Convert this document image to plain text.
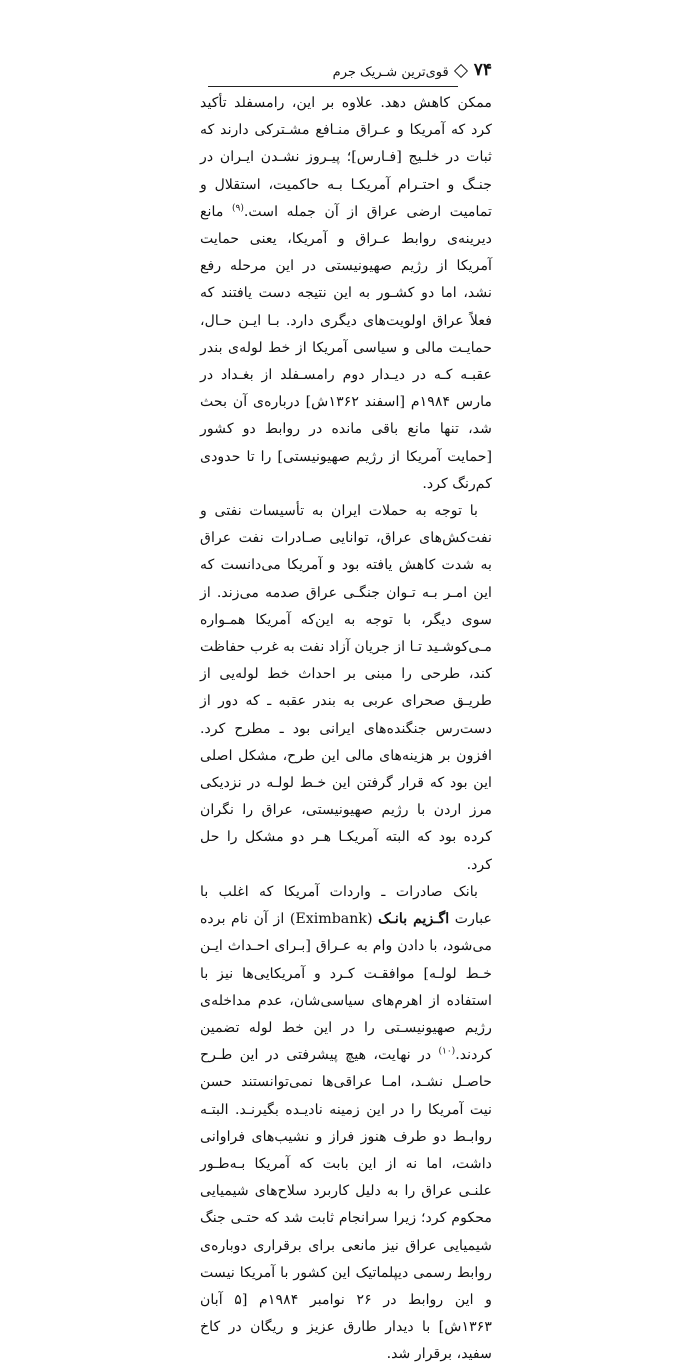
۷۴
قوی‌ترین شـریک جرم

ممکن کاهش دهد. علاوه بر این، رامسفلد تأکید کرد که آمریکا و عـراق منـافع مشـترکی دارند که ثبات در خلـیج [فـارس]؛ پیـروز نشـدن ایـران در جنـگ و احتـرام آمریکـا بـه حاکمیت، استقلال و تمامیت ارضی عراق از آن جمله است.$^{(۹)}$ مانع دیرینه‌ی روابط عـراق و آمریکا، یعنی حمایت آمریکا از رژیم صهیونیستی در این مرحله رفع نشد، اما دو کشـور به این نتیجه دست یافتند که فعلاً عراق اولویت‌های دیگری دارد. بـا ایـن حـال، حمایـت مالی و سیاسی آمریکا از خط لوله‌ی بندر عقبـه کـه در دیـدار دوم رامسـفلد از بغـداد در مارس ۱۹۸۴م [اسفند ۱۳۶۲ش] درباره‌ی آن بحث شد، تنها مانع باقی مانده در روابط دو کشور [حمایت آمریکا از رژیم صهیونیستی] را تا حدودی کم‌رنگ کرد.

با توجه به حملات ایران به تأسیسات نفتی و نفت‌کش‌های عراق، توانایی صـادرات نفت عراق به شدت کاهش یافته بود و آمریکا می‌دانست که این امـر بـه تـوان جنگـی عراق صدمه می‌زند. از سوی دیگر، با توجه به این‌که آمریکا همـواره مـی‌کوشـید تـا از جریان آزاد نفت به غرب حفاظت کند، طرحی را مبنی بر احداث خط لوله‌یی از طریـق صحرای عربی به بندر عقبه ـ که دور از دست‌رس جنگنده‌های ایرانی بود ـ مطرح کرد. افزون بر هزینه‌های مالی این طرح، مشکل اصلی این بود که قرار گرفتن این خـط لولـه در نزدیکی مرز اردن با رژیم صهیونیستی، عراق را نگران کرده بود که البته آمریکـا هـر دو مشکل را حل کرد.

بانک صادرات ـ واردات آمریکا که اغلب با عبارت اگـزیم بانـک (Eximbank) از آن نام برده می‌شود، با دادن وام به عـراق [بـرای احـداث ایـن خـط لولـه] موافقـت کـرد و آمریکایی‌ها نیز با استفاده از اهرم‌های سیاسی‌شان، عدم مداخله‌ی رژیم صهیونیسـتی را در این خط لوله تضمین کردند.$^{(۱۰)}$ در نهایت، هیچ پیشرفتی در این طـرح حاصـل نشـد، امـا عراقی‌ها نمی‌توانستند حسن نیت آمریکا را در این زمینه نادیـده بگیرنـد. البتـه روابـط دو طرف هنوز فراز و نشیب‌های فراوانی داشت، اما نه از این بابت که آمریکا بـه‌طـور علنـی عراق را به دلیل کاربرد سلاح‌های شیمیایی محکوم کرد؛ زیرا سرانجام ثابت شد که حتـی جنگ شیمیایی عراق نیز مانعی برای برقراری دوباره‌ی روابط رسمی دیپلماتیک این کشور با آمریکا نیست و این روابط در ۲۶ نوامبر ۱۹۸۴م [۵ آبان ۱۳۶۳ش] با دیدار طارق عزیز و ریگان در کاخ سفید، برقرار شد.
